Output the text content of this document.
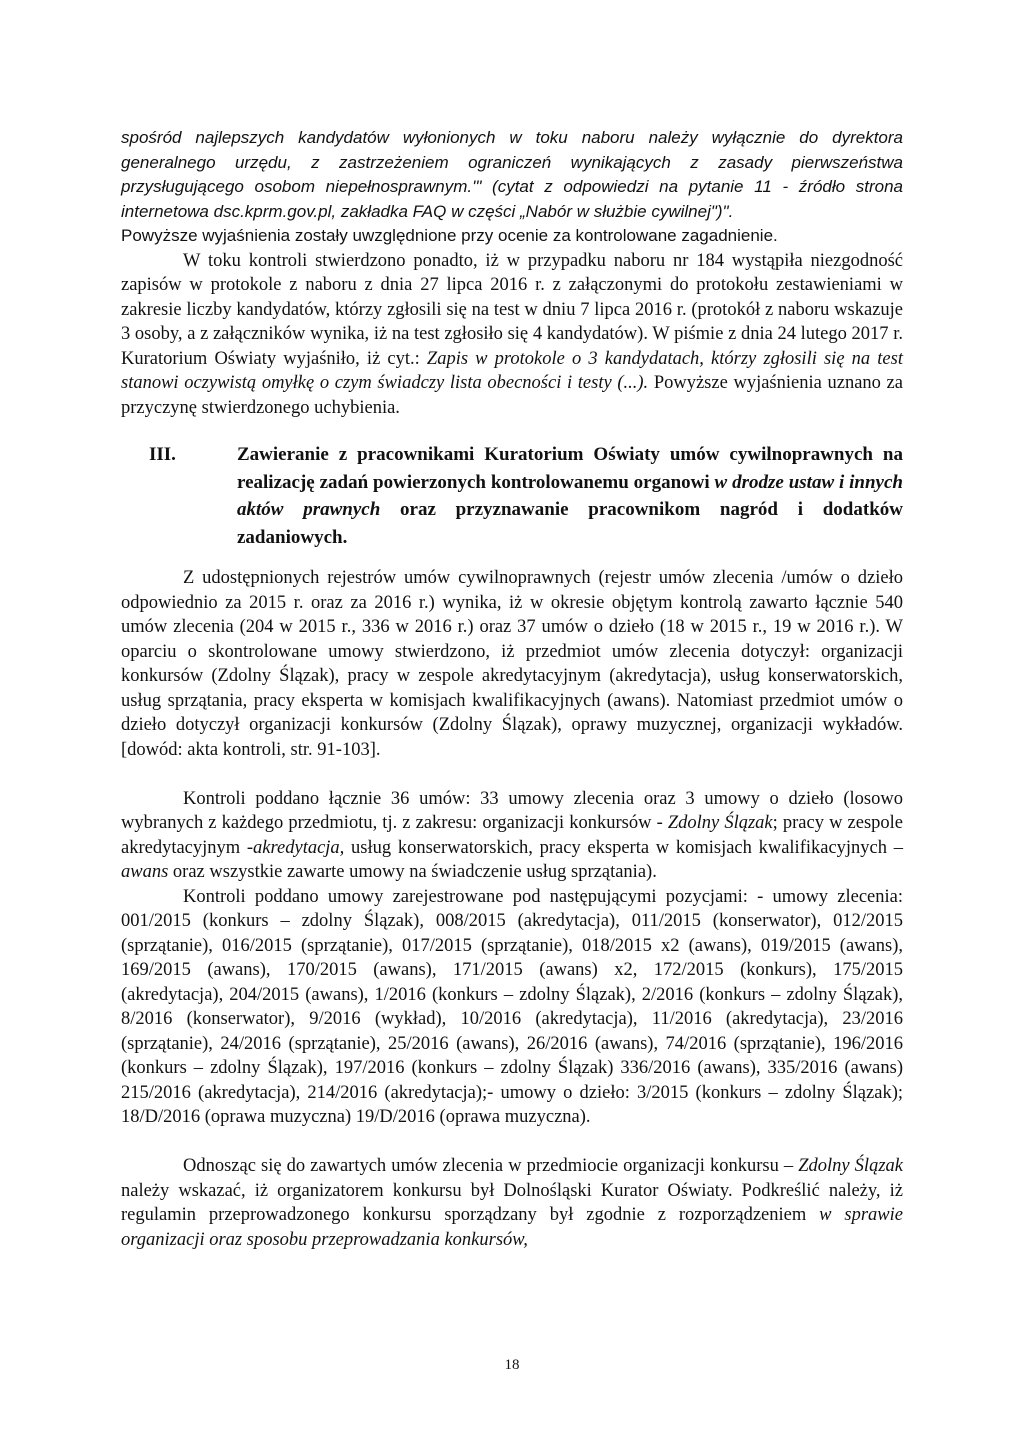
spośród najlepszych kandydatów wyłonionych w toku naboru należy wyłącznie do dyrektora generalnego urzędu, z zastrzeżeniem ograniczeń wynikających z zasady pierwszeństwa przysługującego osobom niepełnosprawnym.'" (cytat z odpowiedzi na pytanie 11 - źródło strona internetowa dsc.kprm.gov.pl, zakładka FAQ w części „Nabór w służbie cywilnej")".
Powyższe wyjaśnienia zostały uwzględnione przy ocenie za kontrolowane zagadnienie.

W toku kontroli stwierdzono ponadto, iż w przypadku naboru nr 184 wystąpiła niezgodność zapisów w protokole z naboru z dnia 27 lipca 2016 r. z załączonymi do protokołu zestawieniami w zakresie liczby kandydatów, którzy zgłosili się na test w dniu 7 lipca 2016 r. (protokół z naboru wskazuje 3 osoby, a z załączników wynika, iż na test zgłosiło się 4 kandydatów). W piśmie z dnia 24 lutego 2017 r. Kuratorium Oświaty wyjaśniło, iż cyt.: Zapis w protokole o 3 kandydatach, którzy zgłosili się na test stanowi oczywistą omyłkę o czym świadczy lista obecności i testy (...). Powyższe wyjaśnienia uznano za przyczynę stwierdzonego uchybienia.

III.	Zawieranie z pracownikami Kuratorium Oświaty umów cywilnoprawnych na realizację zadań powierzonych kontrolowanemu organowi w drodze ustaw i innych aktów prawnych oraz przyznawanie pracownikom nagród i dodatków zadaniowych.

Z udostępnionych rejestrów umów cywilnoprawnych (rejestr umów zlecenia /umów o dzieło odpowiednio za 2015 r. oraz za 2016 r.) wynika, iż w okresie objętym kontrolą zawarto łącznie 540 umów zlecenia (204 w 2015 r., 336 w 2016 r.) oraz 37 umów o dzieło (18 w 2015 r., 19 w 2016 r.). W oparciu o skontrolowane umowy stwierdzono, iż przedmiot umów zlecenia dotyczył: organizacji konkursów (Zdolny Ślązak), pracy w zespole akredytacyjnym (akredytacja), usług konserwatorskich, usług sprzątania, pracy eksperta w komisjach kwalifikacyjnych (awans). Natomiast przedmiot umów o dzieło dotyczył organizacji konkursów (Zdolny Ślązak), oprawy muzycznej, organizacji wykładów. [dowód: akta kontroli, str. 91-103].

Kontroli poddano łącznie 36 umów: 33 umowy zlecenia oraz 3 umowy o dzieło (losowo wybranych z każdego przedmiotu, tj. z zakresu: organizacji konkursów - Zdolny Ślązak; pracy w zespole akredytacyjnym -akredytacja, usług konserwatorskich, pracy eksperta w komisjach kwalifikacyjnych – awans oraz wszystkie zawarte umowy na świadczenie usług sprzątania).

Kontroli poddano umowy zarejestrowane pod następującymi pozycjami: - umowy zlecenia: 001/2015 (konkurs – zdolny Ślązak), 008/2015 (akredytacja), 011/2015 (konserwator), 012/2015 (sprzątanie), 016/2015 (sprzątanie), 017/2015 (sprzątanie), 018/2015 x2 (awans), 019/2015 (awans), 169/2015 (awans), 170/2015 (awans), 171/2015 (awans) x2, 172/2015 (konkurs), 175/2015 (akredytacja), 204/2015 (awans), 1/2016 (konkurs – zdolny Ślązak), 2/2016 (konkurs – zdolny Ślązak), 8/2016 (konserwator), 9/2016 (wykład), 10/2016 (akredytacja), 11/2016 (akredytacja), 23/2016 (sprzątanie), 24/2016 (sprzątanie), 25/2016 (awans), 26/2016 (awans), 74/2016 (sprzątanie), 196/2016 (konkurs – zdolny Ślązak), 197/2016 (konkurs – zdolny Ślązak) 336/2016 (awans), 335/2016 (awans) 215/2016 (akredytacja), 214/2016 (akredytacja);- umowy o dzieło: 3/2015 (konkurs – zdolny Ślązak); 18/D/2016 (oprawa muzyczna) 19/D/2016 (oprawa muzyczna).

Odnosząc się do zawartych umów zlecenia w przedmiocie organizacji konkursu – Zdolny Ślązak należy wskazać, iż organizatorem konkursu był Dolnośląski Kurator Oświaty. Podkreślić należy, iż regulamin przeprowadzonego konkursu sporządzany był zgodnie z rozporządzeniem w sprawie organizacji oraz sposobu przeprowadzania konkursów,

18
